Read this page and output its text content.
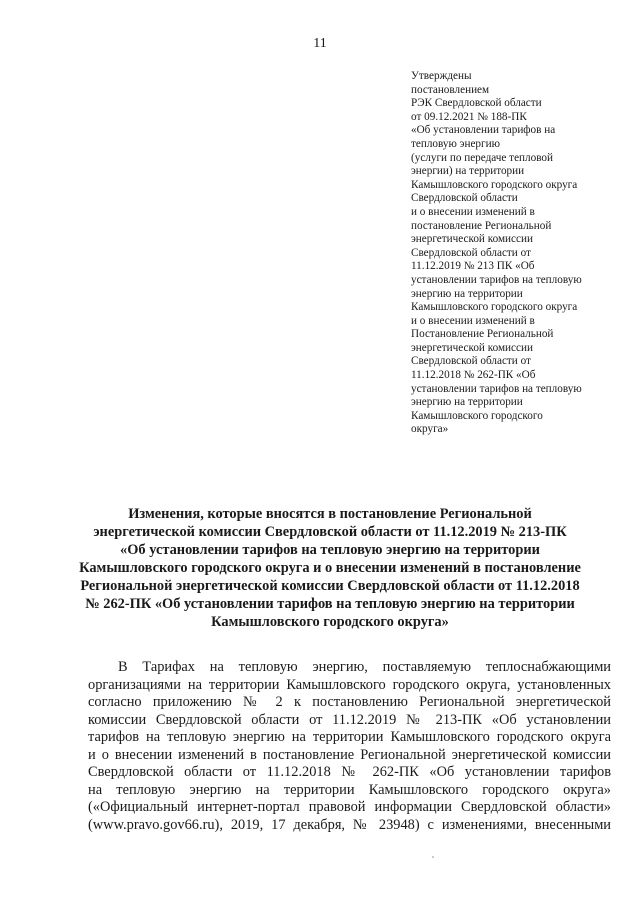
11
Утверждены
постановлением
РЭК Свердловской области
от 09.12.2021 № 188-ПК
«Об установлении тарифов на
тепловую энергию
(услуги по передаче тепловой
энергии) на территории
Камышловского городского округа
Свердловской области
и о внесении изменений в
постановление Региональной
энергетической комиссии
Свердловской области от
11.12.2019 № 213 ПК «Об
установлении тарифов на тепловую
энергию на территории
Камышловского городского округа
и о внесении изменений в
Постановление Региональной
энергетической комиссии
Свердловской области от
11.12.2018 № 262-ПК «Об
установлении тарифов на тепловую
энергию на территории
Камышловского городского
округа»
Изменения, которые вносятся в постановление Региональной
энергетической комиссии Свердловской области от 11.12.2019 № 213-ПК
«Об установлении тарифов на тепловую энергию на территории
Камышловского городского округа и о внесении изменений в постановление
Региональной энергетической комиссии Свердловской области от 11.12.2018
№ 262-ПК «Об установлении тарифов на тепловую энергию на территории
Камышловского городского округа»
В Тарифах на тепловую энергию, поставляемую теплоснабжающими
организациями на территории Камышловского городского округа, установленных
согласно приложению № 2 к постановлению Региональной энергетической
комиссии Свердловской области от 11.12.2019 № 213-ПК «Об установлении
тарифов на тепловую энергию на территории Камышловского городского округа
и о внесении изменений в постановление Региональной энергетической комиссии
Свердловской области от 11.12.2018 № 262-ПК «Об установлении тарифов
на тепловую энергию на территории Камышловского городского округа»
(«Официальный интернет-портал правовой информации Свердловской области»
(www.pravo.gov66.ru), 2019, 17 декабря, № 23948) с изменениями, внесенными
